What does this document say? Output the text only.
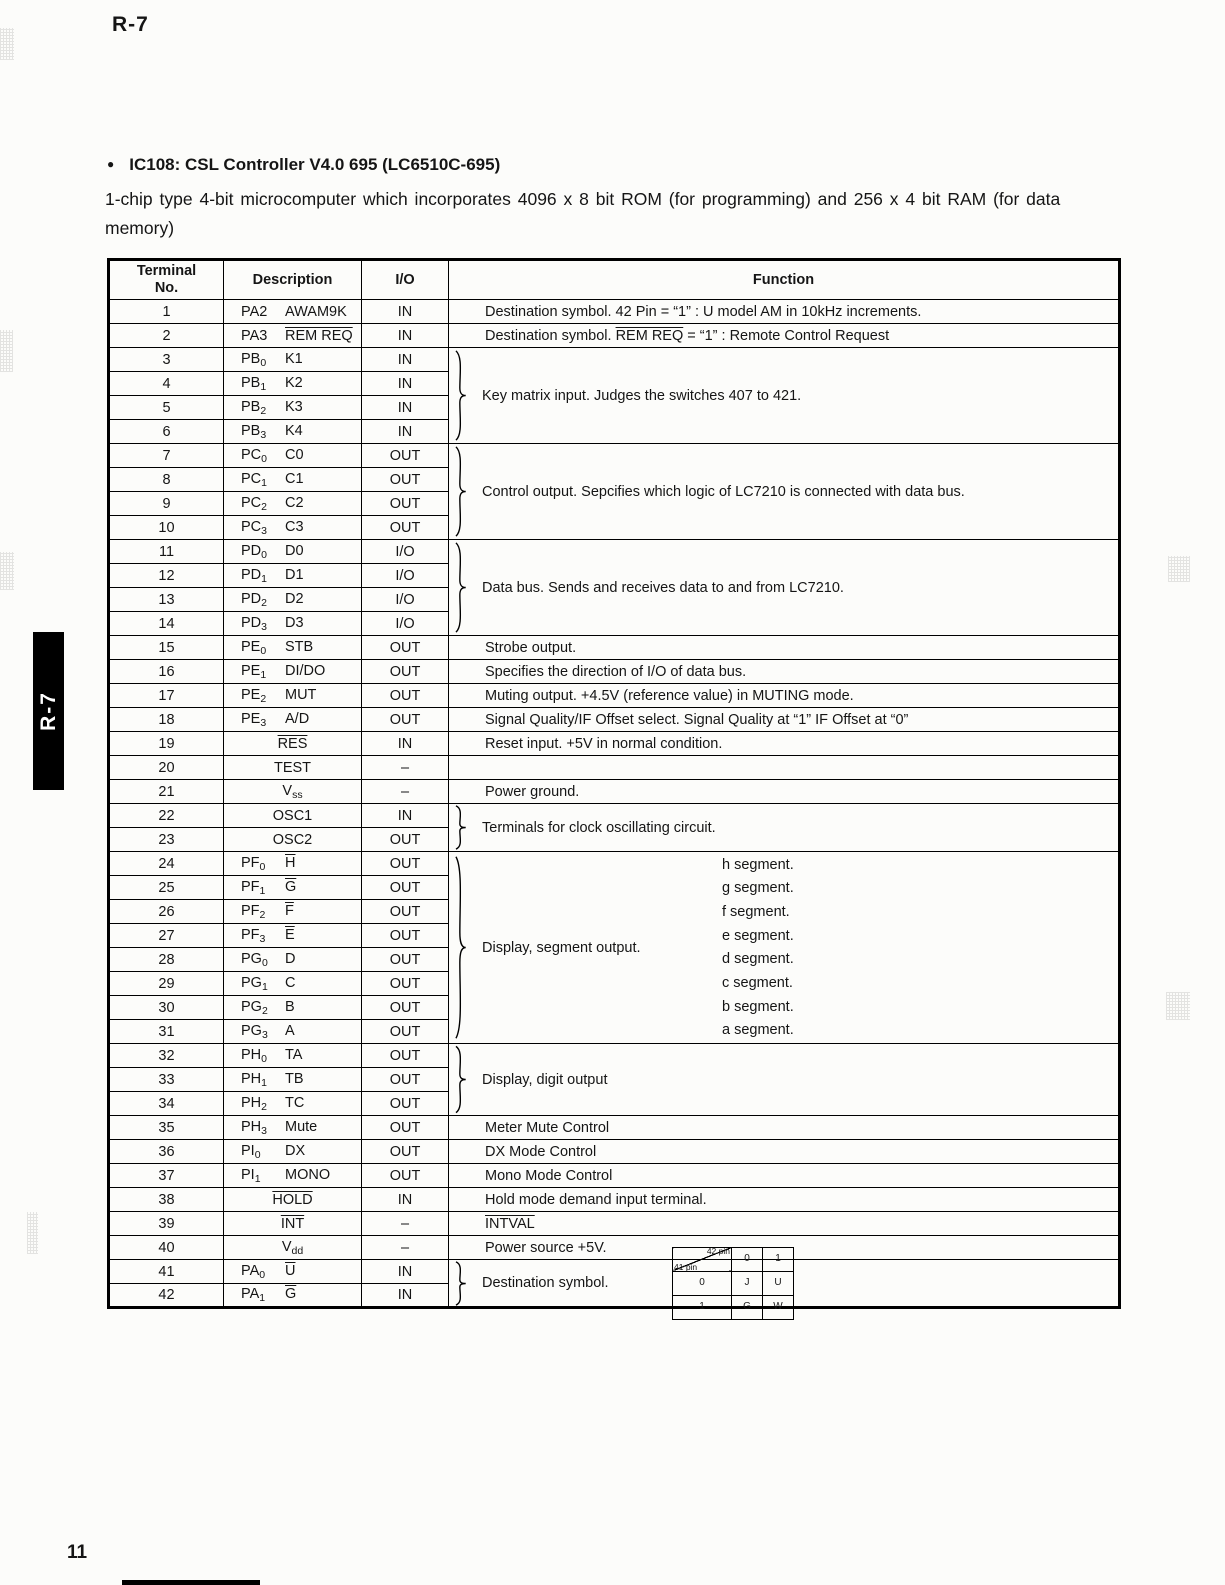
R-7
R-7
● IC108: CSL Controller V4.0 695 (LC6510C-695)

1-chip type 4-bit microcomputer which incorporates 4096 x 8 bit ROM (for programming) and 256 x 4 bit RAM (for data memory)

Terminal
No.
	Description	I/O	Function
1	PA2 AWAM9K	IN	Destination symbol. 42 Pin = “1” : U model AM in 10kHz increments.
2	PA3 REM REQ	IN	Destination symbol. REM REQ = “1” : Remote Control Request
3	$PB_0$ K1	IN	
Key matrix input. Judges the switches 407 to 421.

4	$PB_1$ K2	IN
5	$PB_2$ K3	IN
6	$PB_3$ K4	IN
7	$PC_0$ C0	OUT	
Control output. Sepcifies which logic of LC7210 is connected with data bus.

8	$PC_1$ C1	OUT
9	$PC_2$ C2	OUT
10	$PC_3$ C3	OUT
11	$PD_0$ D0	I/O	
Data bus. Sends and receives data to and from LC7210.

12	$PD_1$ D1	I/O
13	$PD_2$ D2	I/O
14	$PD_3$ D3	I/O
15	$PE_0$ STB	OUT	Strobe output.
16	$PE_1$ DI/DO	OUT	Specifies the direction of I/O of data bus.
17	$PE_2$ MUT	OUT	Muting output. +4.5V (reference value) in MUTING mode.
18	$PE_3$ A/D	OUT	Signal Quality/IF Offset select. Signal Quality at “1” IF Offset at “0”
19	$\overline{RES}$	IN	Reset input. +5V in normal condition.
20	TEST	–	
21	$V_{ss}$	–	Power ground.
22	OSC1	IN	
Terminals for clock oscillating circuit.

23	OSC2	OUT
24	$PF_0$ $\overline{H}$	OUT	
Display, segment output.
h segment.
g segment.
f segment.
e segment.
d segment.
c segment.
b segment.
a segment.

25	$PF_1$ $\overline{G}$	OUT
26	$PF_2$ $\overline{F}$	OUT
27	$PF_3$ $\overline{E}$	OUT
28	$PG_0$ D	OUT
29	$PG_1$ C	OUT
30	$PG_2$ B	OUT
31	$PG_3$ A	OUT
32	$PH_0$ TA	OUT	
Display, digit output

33	$PH_1$ TB	OUT
34	$PH_2$ TC	OUT
35	$PH_3$ Mute	OUT	Meter Mute Control
36	$PI_0$ DX	OUT	DX Mode Control
37	$PI_1$ MONO	OUT	Mono Mode Control
38	HOLD	IN	Hold mode demand input terminal.
39	$\overline{INT}$	–	INTVAL
40	$V_{dd}$	–	Power source +5V.
41	$PA_0$ $\overline{U}$	IN	
Destination symbol.
42 pin
41 pin
	0	1
0	J	U
1	G	W

42	$PA_1$ $\overline{G}$	IN
11
